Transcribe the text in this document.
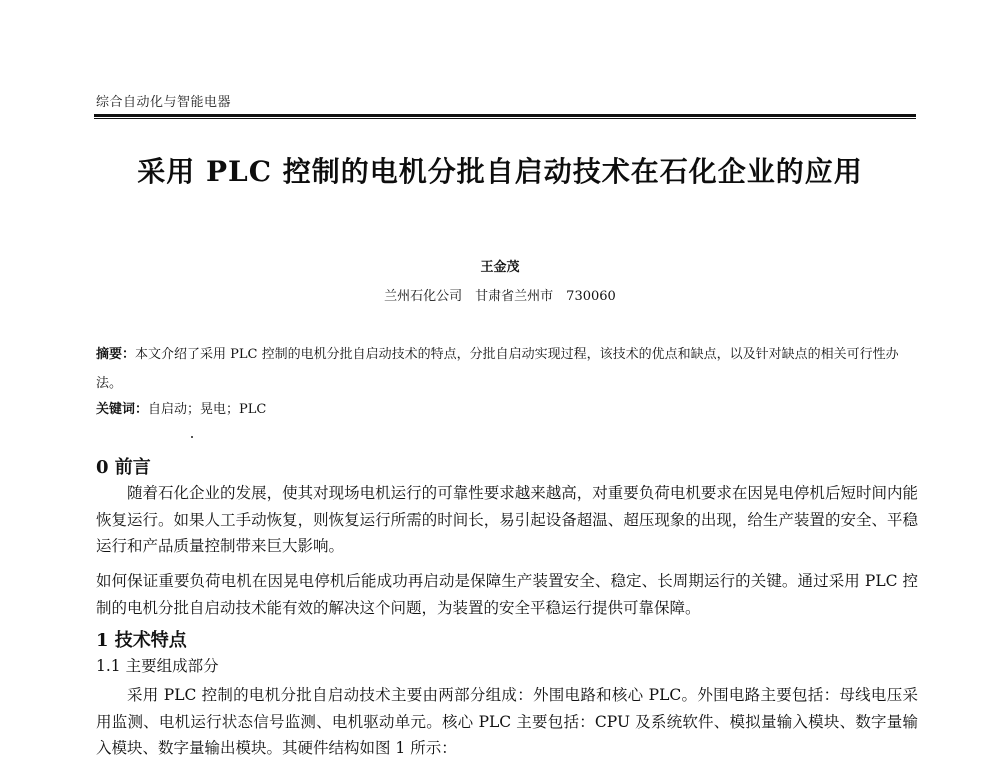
综合自动化与智能电器
采用 PLC 控制的电机分批自启动技术在石化企业的应用
王金茂
兰州石化公司　甘肃省兰州市　730060
摘要：本文介绍了采用 PLC 控制的电机分批自启动技术的特点，分批自启动实现过程，该技术的优点和缺点，以及针对缺点的相关可行性办法。
关键词：自启动；晃电；PLC
0 前言
随着石化企业的发展，使其对现场电机运行的可靠性要求越来越高，对重要负荷电机要求在因晃电停机后短时间内能恢复运行。如果人工手动恢复，则恢复运行所需的时间长，易引起设备超温、超压现象的出现，给生产装置的安全、平稳运行和产品质量控制带来巨大影响。
如何保证重要负荷电机在因晃电停机后能成功再启动是保障生产装置安全、稳定、长周期运行的关键。通过采用 PLC 控制的电机分批自启动技术能有效的解决这个问题，为装置的安全平稳运行提供可靠保障。
1 技术特点
1.1 主要组成部分
采用 PLC 控制的电机分批自启动技术主要由两部分组成：外围电路和核心 PLC。外围电路主要包括：母线电压采用监测、电机运行状态信号监测、电机驱动单元。核心 PLC 主要包括：CPU 及系统软件、模拟量输入模块、数字量输入模块、数字量输出模块。其硬件结构如图 1 所示：
